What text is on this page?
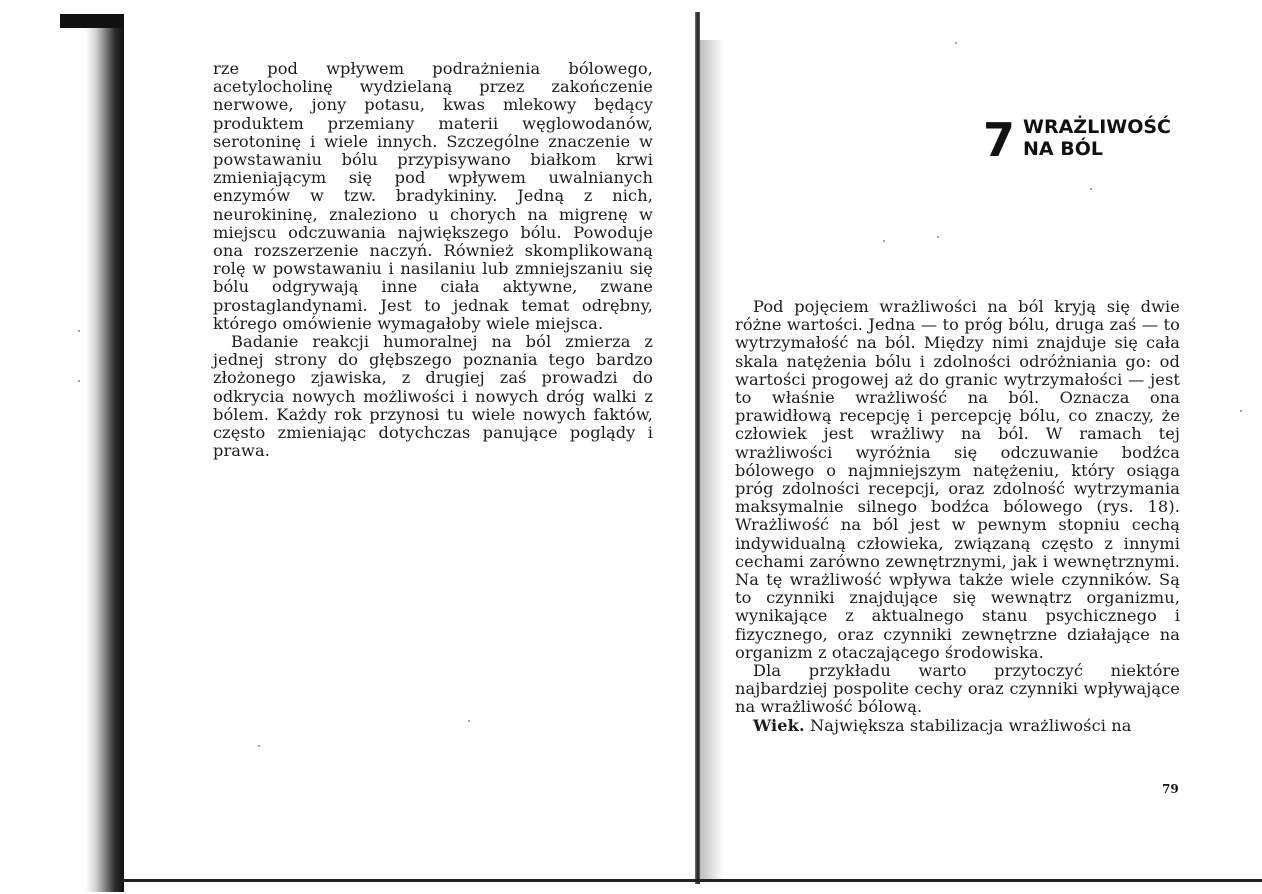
rze pod wpływem podrażnienia bólowego, acetylocholinę wydzielaną przez zakończenie nerwowe, jony potasu, kwas mlekowy będący produktem przemiany materii węglowodanów, serotoninę i wiele innych. Szczególne znaczenie w powstawaniu bólu przypisywano białkom krwi zmieniającym się pod wpływem uwalnianych enzymów w tzw. bradykininy. Jedną z nich, neurokininę, znaleziono u chorych na migrenę w miejscu odczuwania największego bólu. Powoduje ona rozszerzenie naczyń. Również skomplikowaną rolę w powstawaniu i nasilaniu lub zmniejszaniu się bólu odgrywają inne ciała aktywne, zwane prostaglandynami. Jest to jednak temat odrębny, którego omówienie wymagałoby wiele miejsca.

Badanie reakcji humoralnej na ból zmierza z jednej strony do głębszego poznania tego bardzo złożonego zjawiska, z drugiej zaś prowadzi do odkrycia nowych możliwości i nowych dróg walki z bólem. Każdy rok przynosi tu wiele nowych faktów, często zmieniając dotychczas panujące poglądy i prawa.

7 WRAŻLIWOŚĆ
NA BÓL

Pod pojęciem wrażliwości na ból kryją się dwie różne wartości. Jedna — to próg bólu, druga zaś — to wytrzymałość na ból. Między nimi znajduje się cała skala natężenia bólu i zdolności odróżniania go: od wartości progowej aż do granic wytrzymałości — jest to właśnie wrażliwość na ból. Oznacza ona prawidłową recepcję i percepcję bólu, co znaczy, że człowiek jest wrażliwy na ból. W ramach tej wrażliwości wyróżnia się odczuwanie bodźca bólowego o najmniejszym natężeniu, który osiąga próg zdolności recepcji, oraz zdolność wytrzymania maksymalnie silnego bodźca bólowego (rys. 18). Wrażliwość na ból jest w pewnym stopniu cechą indywidualną człowieka, związaną często z innymi cechami zarówno zewnętrznymi, jak i wewnętrznymi. Na tę wrażliwość wpływa także wiele czynników. Są to czynniki znajdujące się wewnątrz organizmu, wynikające z aktualnego stanu psychicznego i fizycznego, oraz czynniki zewnętrzne działające na organizm z otaczającego środowiska.

Dla przykładu warto przytoczyć niektóre najbardziej pospolite cechy oraz czynniki wpływające na wrażliwość bólową.

Wiek. Największa stabilizacja wrażliwości na

79
